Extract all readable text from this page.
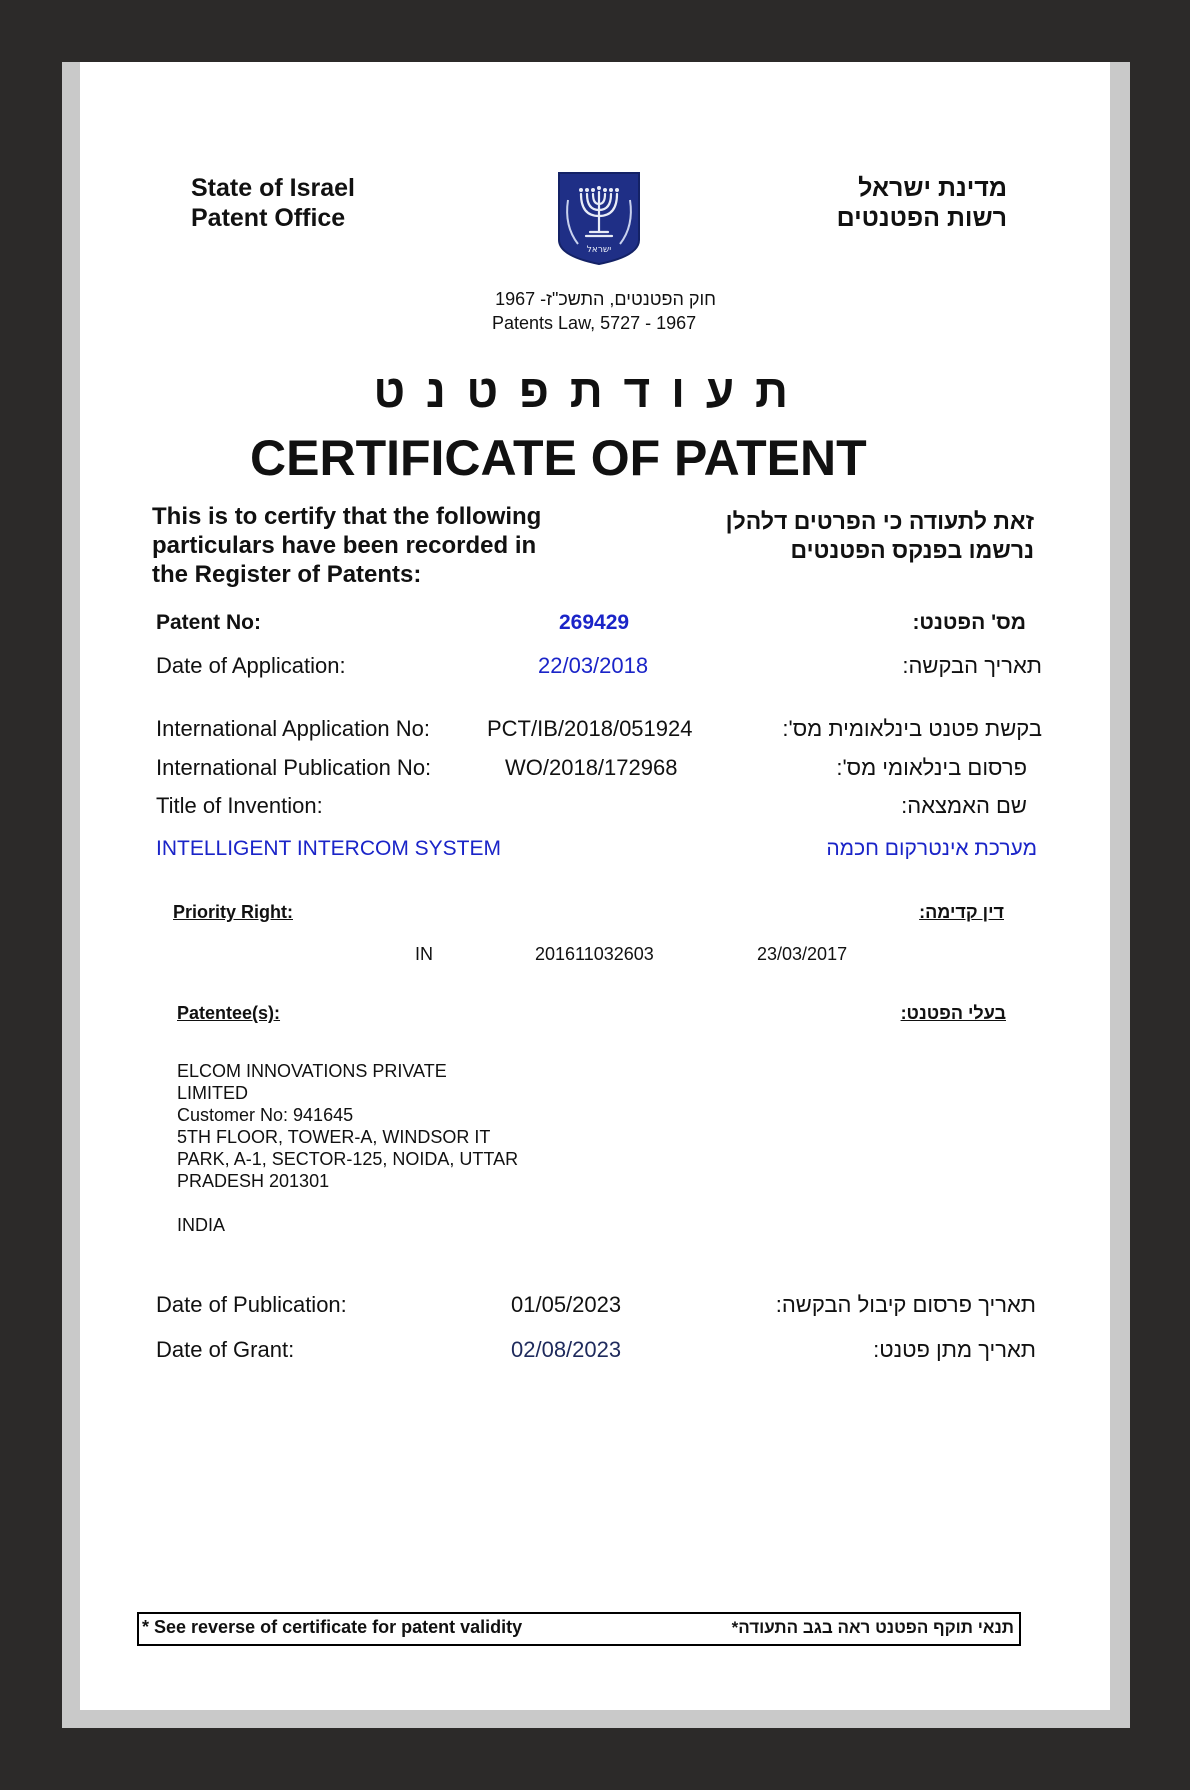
State of Israel
Patent Office
ישראל
מדינת ישראל
רשות הפטנטים
חוק הפטנטים, התשכ"ז- 1967
Patents Law, 5727 - 1967
ת ע ו ד ת פ ט נ ט
CERTIFICATE OF PATENT
This is to certify that the following
particulars have been recorded in
the Register of Patents:
זאת לתעודה כי הפרטים דלהלן
נרשמו בפנקס הפטנטים
Patent No:	269429	מס' הפטנט:
Date of Application:	22/03/2018	תאריך הבקשה:
International Application No:	PCT/IB/2018/051924	בקשת פטנט בינלאומית מס':
International Publication No:	WO/2018/172968	פרסום בינלאומי מס':
Title of Invention:	שם האמצאה:
INTELLIGENT INTERCOM SYSTEM	מערכת אינטרקום חכמה
Priority Right:	דין קדימה:
IN	201611032603	23/03/2017
Patentee(s):	בעלי הפטנט:
ELCOM INNOVATIONS PRIVATE
LIMITED
Customer No: 941645
5TH FLOOR, TOWER-A, WINDSOR IT
PARK, A-1, SECTOR-125, NOIDA, UTTAR
PRADESH 201301
INDIA
Date of Publication:	01/05/2023	תאריך פרסום קיבול הבקשה:
Date of Grant:	02/08/2023	תאריך מתן פטנט:
* See reverse of certificate for patent validity	תנאי תוקף הפטנט ראה בגב התעודה*
